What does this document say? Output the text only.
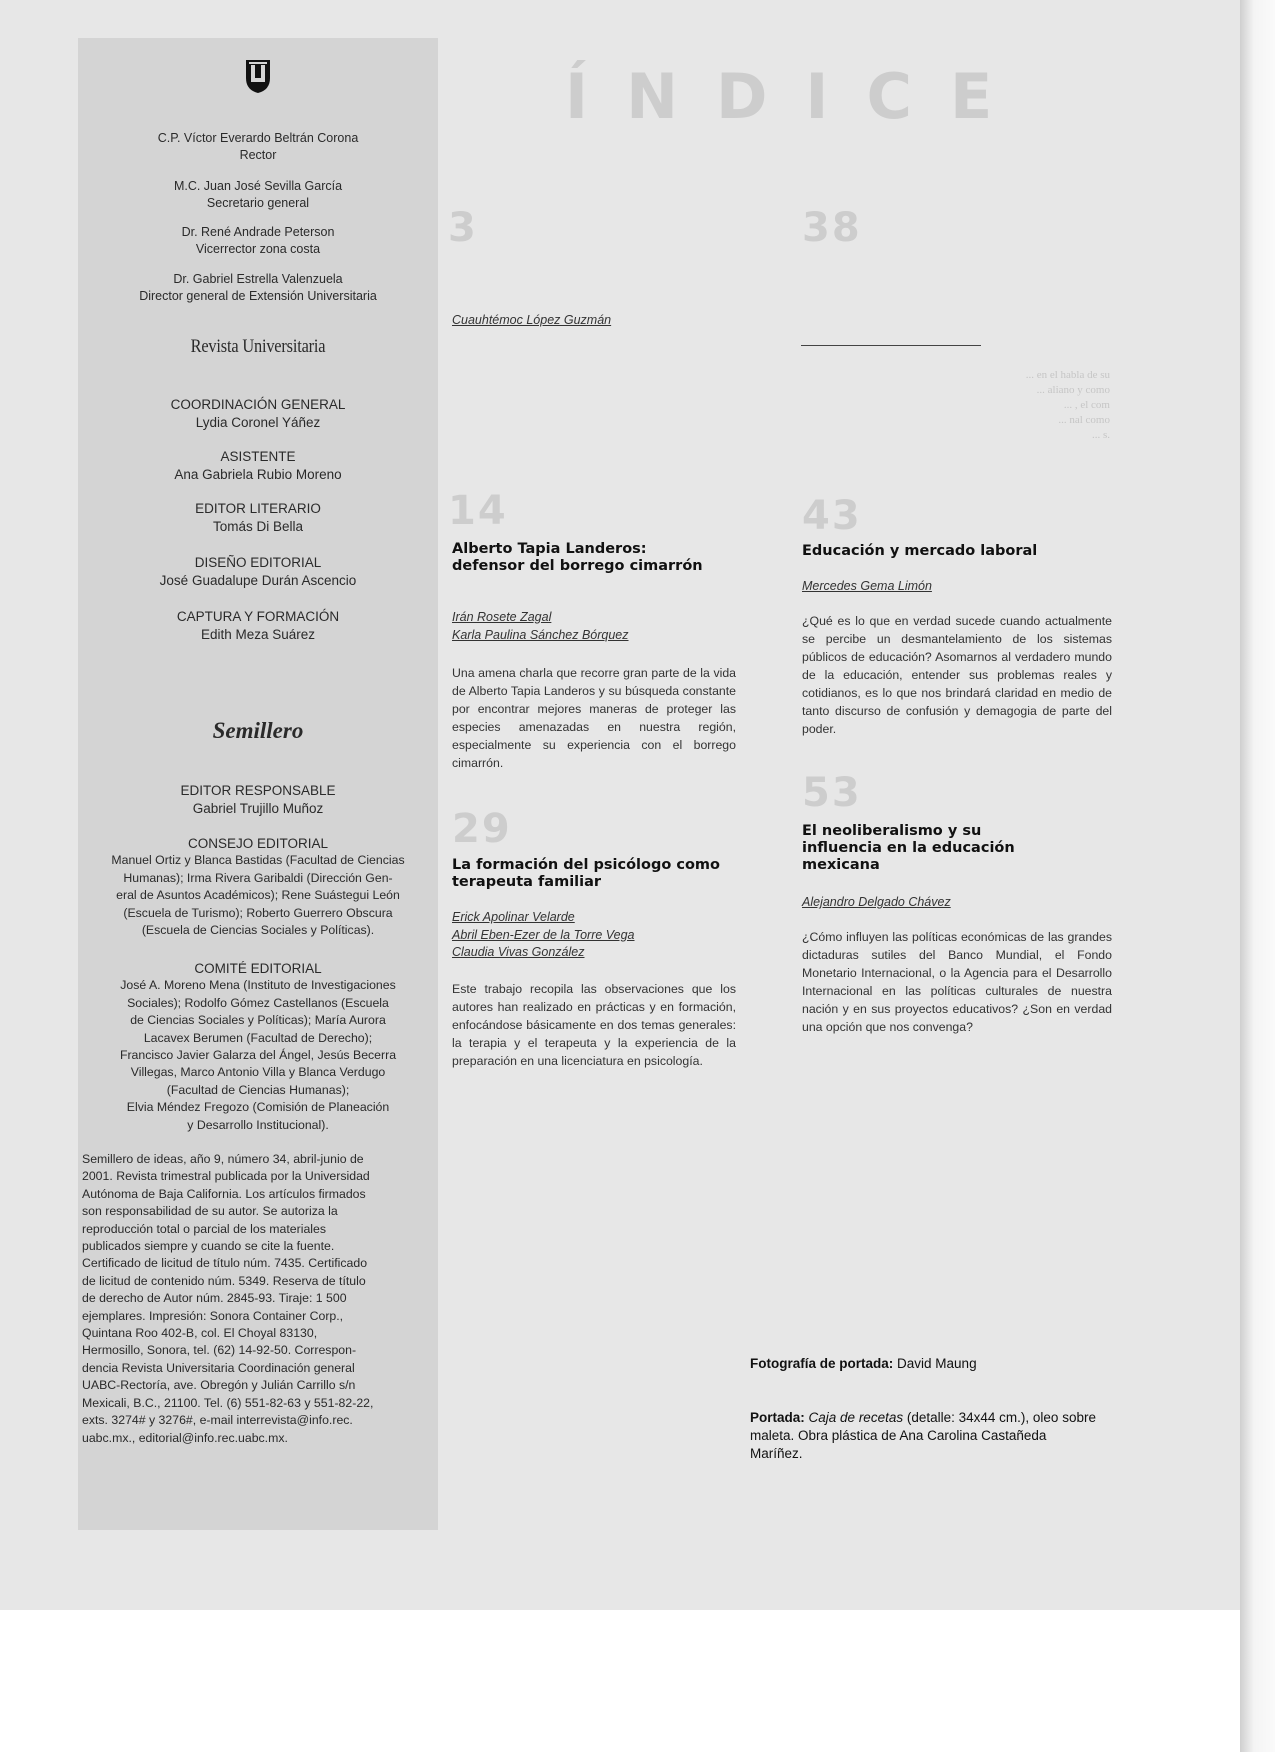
C.P. Víctor Everardo Beltrán Corona
Rector
M.C. Juan José Sevilla García
Secretario general
Dr. René Andrade Peterson
Vicerrector zona costa
Dr. Gabriel Estrella Valenzuela
Director general de Extensión Universitaria
Revista Universitaria
COORDINACIÓN GENERAL
Lydia Coronel Yáñez
ASISTENTE
Ana Gabriela Rubio Moreno
EDITOR LITERARIO
Tomás Di Bella
DISEÑO EDITORIAL
José Guadalupe Durán Ascencio
CAPTURA Y FORMACIÓN
Edith Meza Suárez
Semillero
EDITOR RESPONSABLE
Gabriel Trujillo Muñoz
CONSEJO EDITORIAL
Manuel Ortiz y Blanca Bastidas (Facultad de Ciencias
Humanas); Irma Rivera Garibaldi (Dirección Gen-
eral de Asuntos Académicos); Rene Suástegui León
(Escuela de Turismo); Roberto Guerrero Obscura
(Escuela de Ciencias Sociales y Políticas).
COMITÉ EDITORIAL
José A. Moreno Mena (Instituto de Investigaciones
Sociales); Rodolfo Gómez Castellanos (Escuela
de Ciencias Sociales y Políticas); María Aurora
Lacavex Berumen (Facultad de Derecho);
Francisco Javier Galarza del Ángel, Jesús Becerra
Villegas, Marco Antonio Villa y Blanca Verdugo
(Facultad de Ciencias Humanas);
Elvia Méndez Fregozo (Comisión de Planeación
y Desarrollo Institucional).
Semillero de ideas, año 9, número 34, abril-junio de
2001. Revista trimestral publicada por la Universidad
Autónoma de Baja California. Los artículos firmados
son responsabilidad de su autor. Se autoriza la
reproducción total o parcial de los materiales
publicados siempre y cuando se cite la fuente.
Certificado de licitud de título núm. 7435. Certificado
de licitud de contenido núm. 5349. Reserva de título
de derecho de Autor núm. 2845-93. Tiraje: 1 500
ejemplares. Impresión: Sonora Container Corp.,
Quintana Roo 402-B, col. El Choyal 83130,
Hermosillo, Sonora, tel. (62) 14-92-50. Correspon-
dencia Revista Universitaria Coordinación general
UABC-Rectoría, ave. Obregón y Julián Carrillo s/n
Mexicali, B.C., 21100. Tel. (6) 551-82-63 y 551-82-22,
exts. 3274# y 3276#, e-mail interrevista@info.rec.
uabc.mx., editorial@info.rec.uabc.mx.
ÍNDICE
3
Cuauhtémoc López Guzmán
38
... en el habla de su
... aliano y como
... , el com
... nal como
... s.
14
Alberto Tapia Landeros: defensor del borrego cimarrón
Irán Rosete Zagal
Karla Paulina Sánchez Bórquez
Una amena charla que recorre gran parte de la vida de Alberto Tapia Landeros y su búsqueda constante por encontrar mejores maneras de proteger las especies amenazadas en nuestra región, especialmente su experiencia con el borrego cimarrón.
43
Educación y mercado laboral
Mercedes Gema Limón
¿Qué es lo que en verdad sucede cuando actualmente se percibe un desmantelamiento de los sistemas públicos de educación? Asomarnos al verdadero mundo de la educación, entender sus problemas reales y cotidianos, es lo que nos brindará claridad en medio de tanto discurso de confusión y demagogia de parte del poder.
29
La formación del psicólogo como terapeuta familiar
Erick Apolinar Velarde
Abril Eben-Ezer de la Torre Vega
Claudia Vivas González
Este trabajo recopila las observaciones que los autores han realizado en prácticas y en formación, enfocándose básicamente en dos temas generales: la terapia y el terapeuta y la experiencia de la preparación en una licenciatura en psicología.
53
El neoliberalismo y su influencia en la educación mexicana
Alejandro Delgado Chávez
¿Cómo influyen las políticas económicas de las grandes dictaduras sutiles del Banco Mundial, el Fondo Monetario Internacional, o la Agencia para el Desarrollo Internacional en las políticas culturales de nuestra nación y en sus proyectos educativos? ¿Son en verdad una opción que nos convenga?
Fotografía de portada: David Maung
Portada: Caja de recetas (detalle: 34x44 cm.), oleo sobre
maleta. Obra plástica de Ana Carolina Castañeda
Maríñez.
